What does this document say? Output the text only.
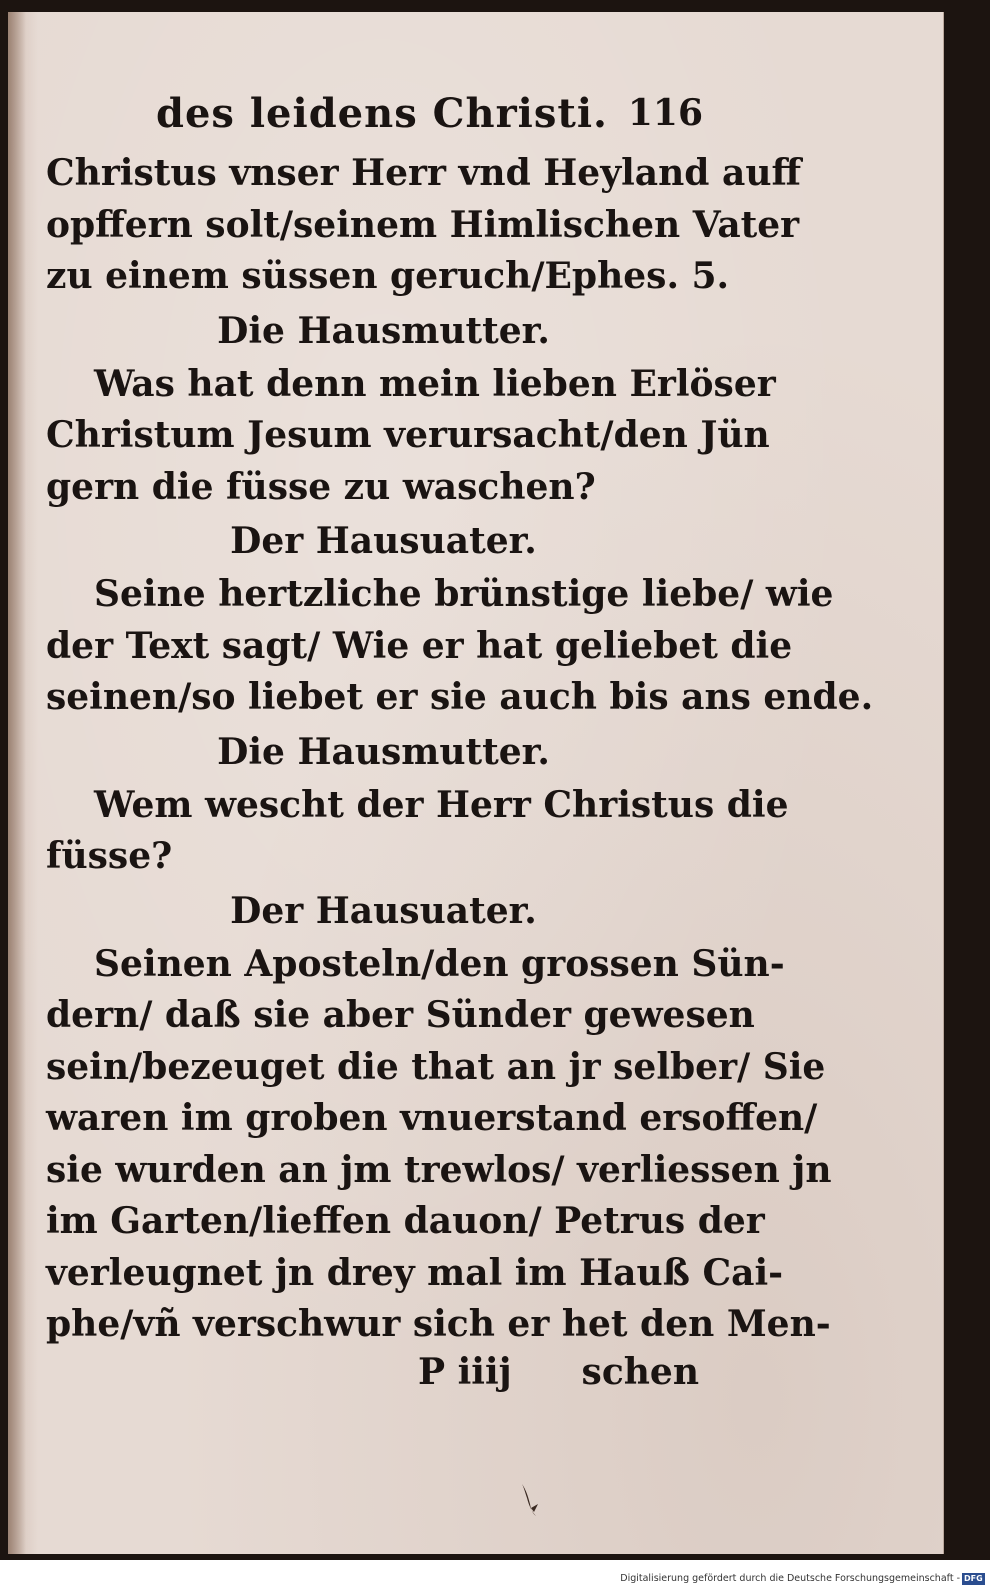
des leidens Christi. 116
Christus vnser Herr vnd Heyland auff
opffern solt/seinem Himlischen Vater
zu einem süssen geruch/Ephes. 5.
Die Hausmutter.
Was hat denn mein lieben Erlöser
Christum Jesum verursacht/den Jün
gern die füsse zu waschen?
Der Hausuater.
Seine hertzliche brünstige liebe/ wie
der Text sagt/ Wie er hat geliebet die
seinen/so liebet er sie auch bis ans ende.
Die Hausmutter.
Wem wescht der Herr Christus die
füsse?
Der Hausuater.
Seinen Aposteln/den grossen Sün-
dern/ daß sie aber Sünder gewesen
sein/bezeuget die that an jr selber/ Sie
waren im groben vnuerstand ersoffen/
sie wurden an jm trewlos/ verliessen jn
im Garten/lieffen dauon/ Petrus der
verleugnet jn drey mal im Hauß Cai-
phe/vñ verschwur sich er het den Men-
P iiij schen
Digitalisierung gefördert durch die Deutsche Forschungsgemeinschaft - DFG
